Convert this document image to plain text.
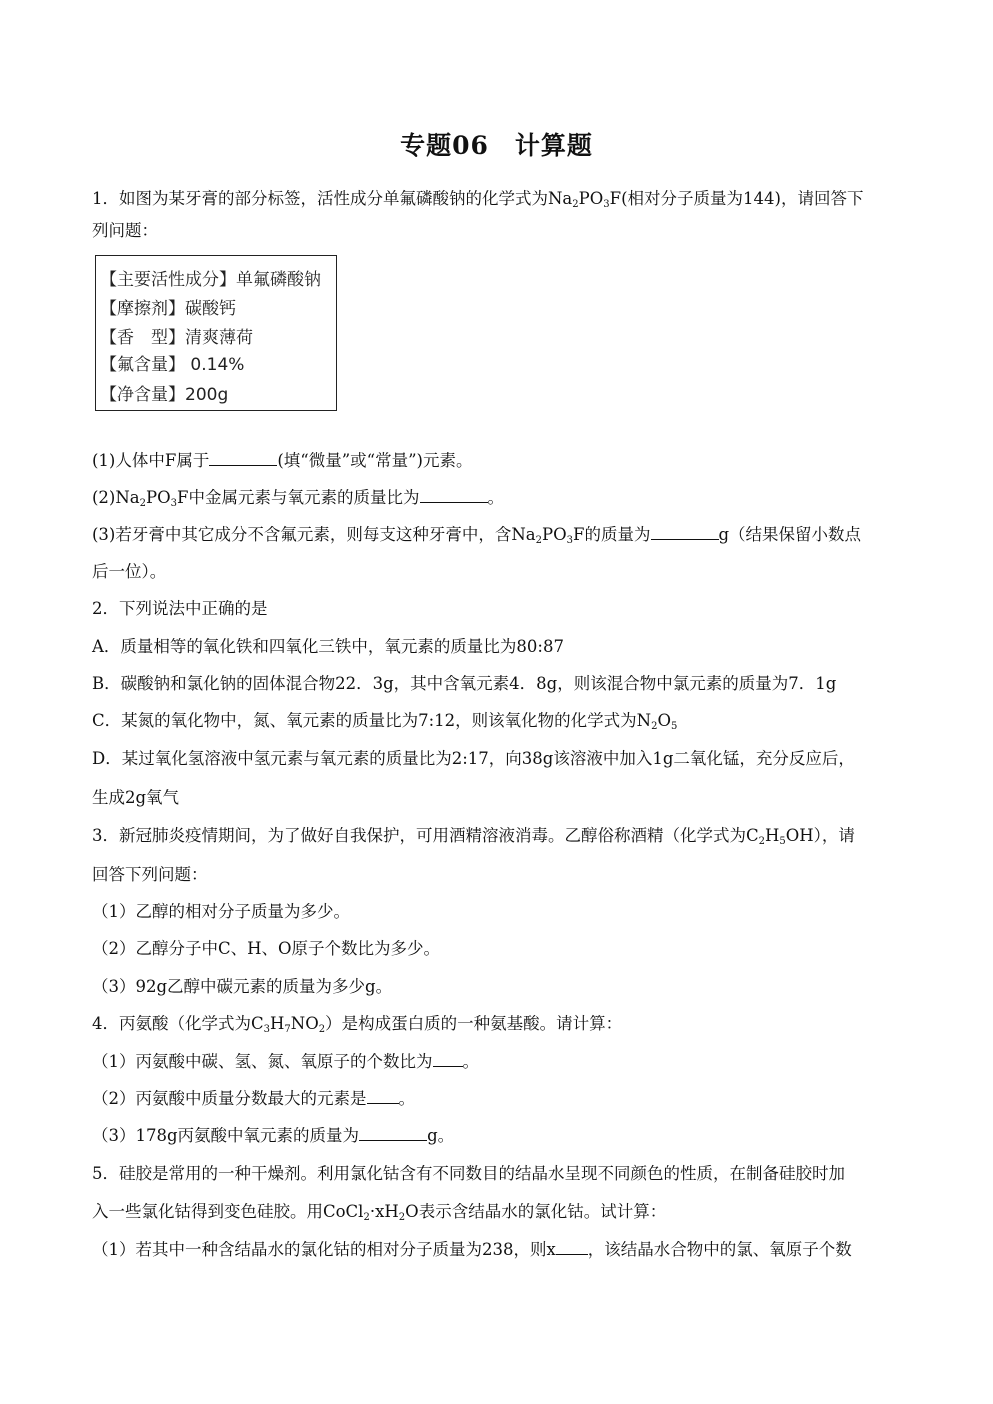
专题06　计算题
1．如图为某牙膏的部分标签，活性成分单氟磷酸钠的化学式为$Na_2PO_3F$(相对分子质量为144)，请回答下
列问题：
【主要活性成分】单氟磷酸钠
【摩擦剂】碳酸钙
【香　型】清爽薄荷
【氟含量】 0.14%
【净含量】200g
(1)人体中F属于	(填“微量”或“常量”)元素。
$(2)Na_2PO_3F$中金属元素与氧元素的质量比为	。
(3)若牙膏中其它成分不含氟元素，则每支这种牙膏中，含$Na_2PO_3F$的质量为	g（结果保留小数点
后一位）。
2．下列说法中正确的是
A．质量相等的氧化铁和四氧化三铁中，氧元素的质量比为80:87
B．碳酸钠和氯化钠的固体混合物22．3g，其中含氧元素4．8g，则该混合物中氯元素的质量为7．1g
C．某氮的氧化物中，氮、氧元素的质量比为7:12，则该氧化物的化学式为$N_2O_5$
D．某过氧化氢溶液中氢元素与氧元素的质量比为2:17，向38g该溶液中加入1g二氧化锰，充分反应后，
生成2g氧气
3．新冠肺炎疫情期间，为了做好自我保护，可用酒精溶液消毒。乙醇俗称酒精（化学式为$C_2H_5OH$），请
回答下列问题：
（1）乙醇的相对分子质量为多少。
（2）乙醇分子中C、H、O原子个数比为多少。
（3）92g乙醇中碳元素的质量为多少g。
4．丙氨酸（化学式为$C_3H_7NO_2$）是构成蛋白质的一种氨基酸。请计算：
（1）丙氨酸中碳、氢、氮、氧原子的个数比为 。
（2）丙氨酸中质量分数最大的元素是 。
（3）178g丙氨酸中氧元素的质量为	g。
5．硅胶是常用的一种干燥剂。利用氯化钴含有不同数目的结晶水呈现不同颜色的性质，在制备硅胶时加
入一些氯化钴得到变色硅胶。用$CoCl_2\cdot xH_2O$表示含结晶水的氯化钴。试计算：
（1）若其中一种含结晶水的氯化钴的相对分子质量为238，则x ，该结晶水合物中的氯、氧原子个数
